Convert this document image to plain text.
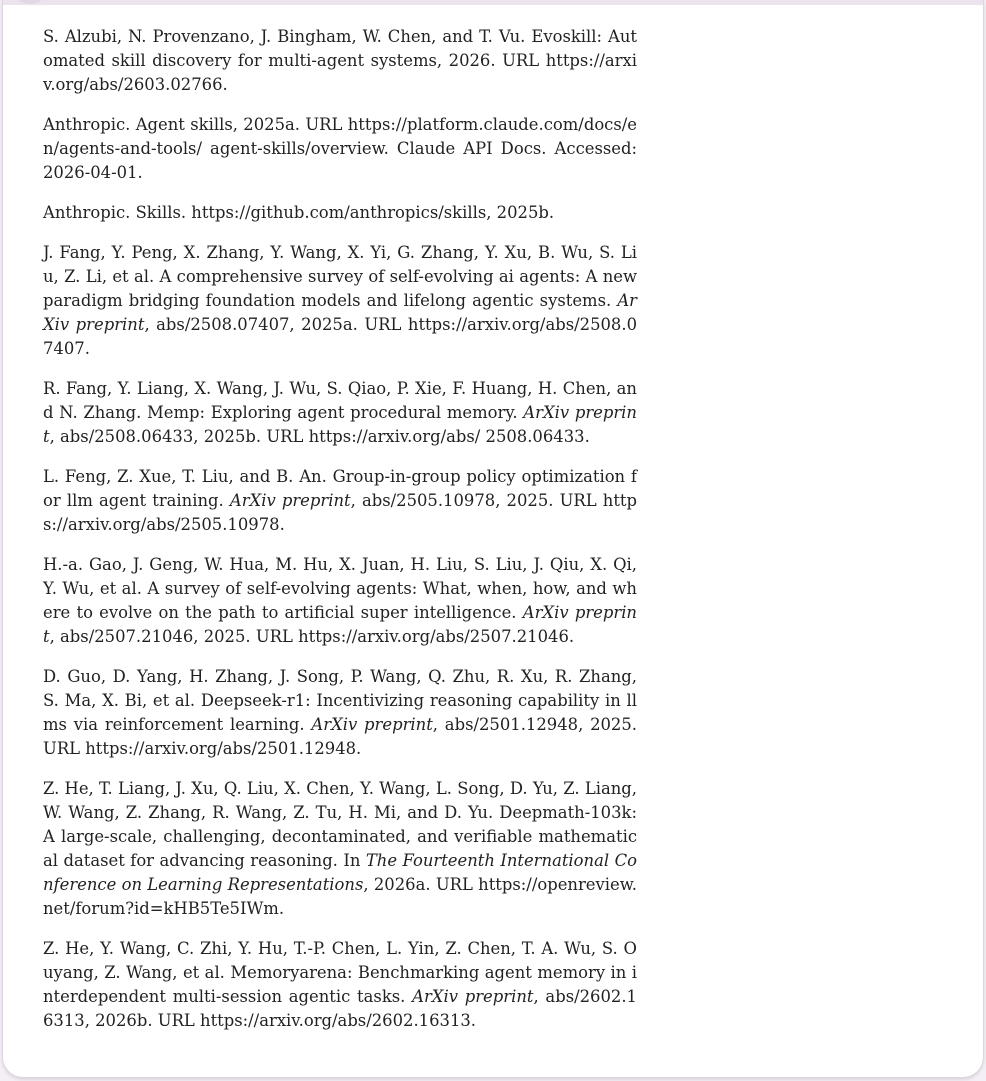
S. Alzubi, N. Provenzano, J. Bingham, W. Chen, and T. Vu. Evoskill: Automated skill discovery for multi-agent systems, 2026. URL https://arxiv.org/abs/2603.02766.
Anthropic. Agent skills, 2025a. URL https://platform.claude.com/docs/en/agents-and-tools/ agent-skills/overview. Claude API Docs. Accessed: 2026-04-01.
Anthropic. Skills. https://github.com/anthropics/skills, 2025b.
J. Fang, Y. Peng, X. Zhang, Y. Wang, X. Yi, G. Zhang, Y. Xu, B. Wu, S. Liu, Z. Li, et al. A comprehensive survey of self-evolving ai agents: A new paradigm bridging foundation models and lifelong agentic systems. ArXiv preprint, abs/2508.07407, 2025a. URL https://arxiv.org/abs/2508.07407.
R. Fang, Y. Liang, X. Wang, J. Wu, S. Qiao, P. Xie, F. Huang, H. Chen, and N. Zhang. Memp: Exploring agent procedural memory. ArXiv preprint, abs/2508.06433, 2025b. URL https://arxiv.org/abs/ 2508.06433.
L. Feng, Z. Xue, T. Liu, and B. An. Group-in-group policy optimization for llm agent training. ArXiv preprint, abs/2505.10978, 2025. URL https://arxiv.org/abs/2505.10978.
H.-a. Gao, J. Geng, W. Hua, M. Hu, X. Juan, H. Liu, S. Liu, J. Qiu, X. Qi, Y. Wu, et al. A survey of self-evolving agents: What, when, how, and where to evolve on the path to artificial super intelligence. ArXiv preprint, abs/2507.21046, 2025. URL https://arxiv.org/abs/2507.21046.
D. Guo, D. Yang, H. Zhang, J. Song, P. Wang, Q. Zhu, R. Xu, R. Zhang, S. Ma, X. Bi, et al. Deepseek-r1: Incentivizing reasoning capability in llms via reinforcement learning. ArXiv preprint, abs/2501.12948, 2025. URL https://arxiv.org/abs/2501.12948.
Z. He, T. Liang, J. Xu, Q. Liu, X. Chen, Y. Wang, L. Song, D. Yu, Z. Liang, W. Wang, Z. Zhang, R. Wang, Z. Tu, H. Mi, and D. Yu. Deepmath-103k: A large-scale, challenging, decontaminated, and verifiable mathematical dataset for advancing reasoning. In The Fourteenth International Conference on Learning Representations, 2026a. URL https://openreview.net/forum?id=kHB5Te5IWm.
Z. He, Y. Wang, C. Zhi, Y. Hu, T.-P. Chen, L. Yin, Z. Chen, T. A. Wu, S. Ouyang, Z. Wang, et al. Memoryarena: Benchmarking agent memory in interdependent multi-session agentic tasks. ArXiv preprint, abs/2602.16313, 2026b. URL https://arxiv.org/abs/2602.16313.
